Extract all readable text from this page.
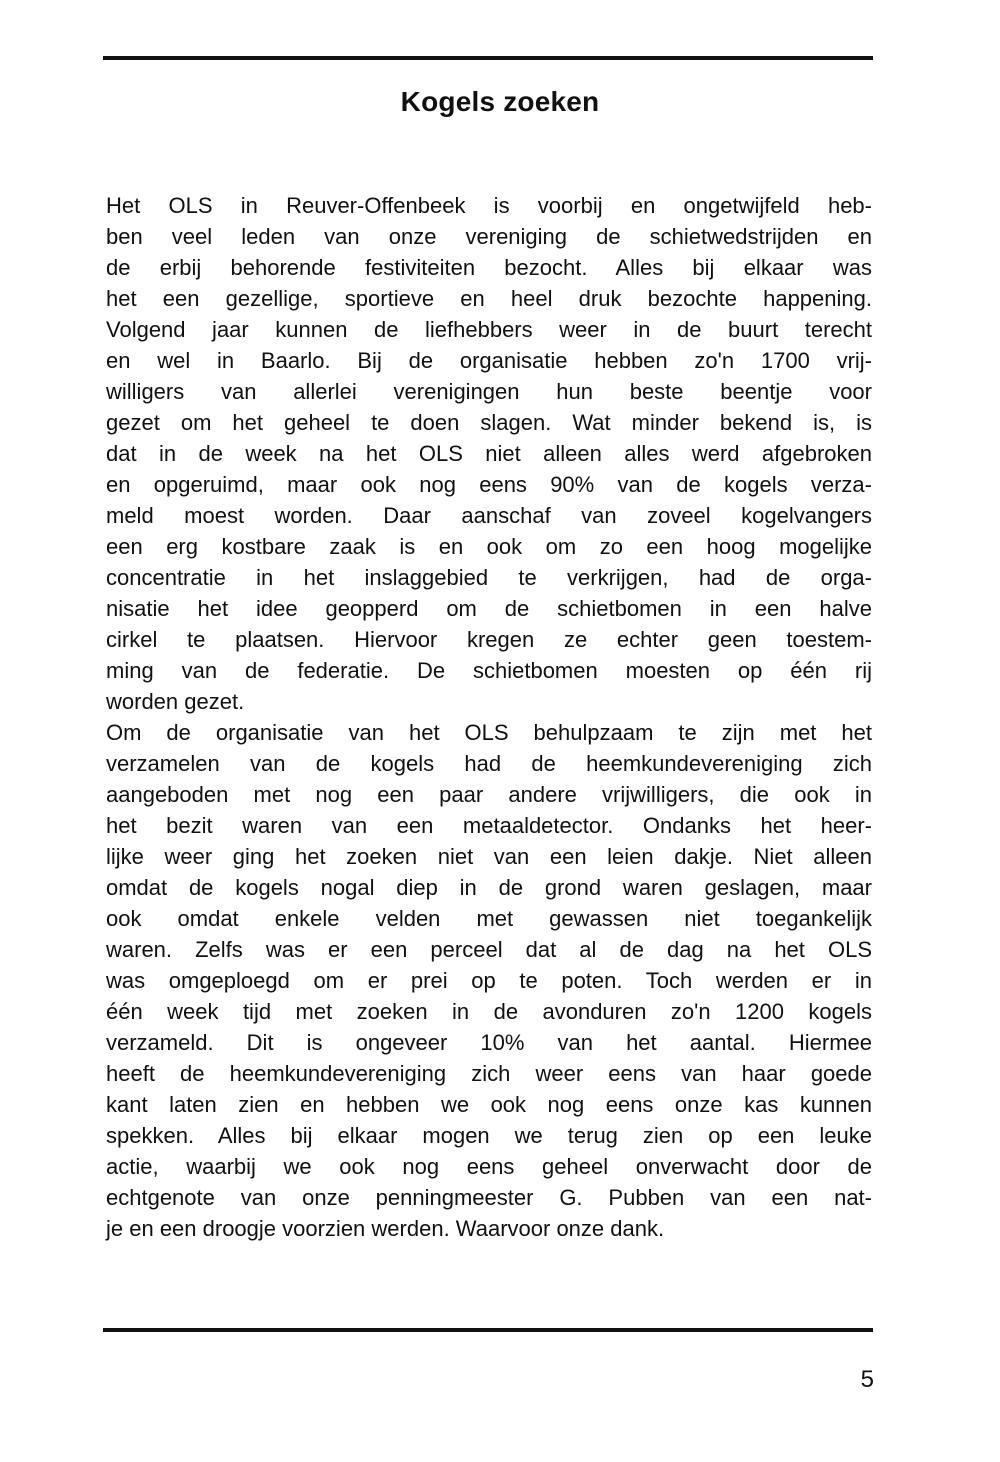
Kogels zoeken
Het OLS in Reuver-Offenbeek is voorbij en ongetwijfeld heb-
ben veel leden van onze vereniging de schietwedstrijden en
de erbij behorende festiviteiten bezocht. Alles bij elkaar was
het een gezellige, sportieve en heel druk bezochte happening.
Volgend jaar kunnen de liefhebbers weer in de buurt terecht
en wel in Baarlo. Bij de organisatie hebben zo'n 1700 vrij-
willigers van allerlei verenigingen hun beste beentje voor
gezet om het geheel te doen slagen. Wat minder bekend is, is
dat in de week na het OLS niet alleen alles werd afgebroken
en opgeruimd, maar ook nog eens 90% van de kogels verza-
meld moest worden. Daar aanschaf van zoveel kogelvangers
een erg kostbare zaak is en ook om zo een hoog mogelijke
concentratie in het inslaggebied te verkrijgen, had de orga-
nisatie het idee geopperd om de schietbomen in een halve
cirkel te plaatsen. Hiervoor kregen ze echter geen toestem-
ming van de federatie. De schietbomen moesten op één rij
worden gezet.
Om de organisatie van het OLS behulpzaam te zijn met het
verzamelen van de kogels had de heemkundevereniging zich
aangeboden met nog een paar andere vrijwilligers, die ook in
het bezit waren van een metaaldetector. Ondanks het heer-
lijke weer ging het zoeken niet van een leien dakje. Niet alleen
omdat de kogels nogal diep in de grond waren geslagen, maar
ook omdat enkele velden met gewassen niet toegankelijk
waren. Zelfs was er een perceel dat al de dag na het OLS
was omgeploegd om er prei op te poten. Toch werden er in
één week tijd met zoeken in de avonduren zo'n 1200 kogels
verzameld. Dit is ongeveer 10% van het aantal. Hiermee
heeft de heemkundevereniging zich weer eens van haar goede
kant laten zien en hebben we ook nog eens onze kas kunnen
spekken. Alles bij elkaar mogen we terug zien op een leuke
actie, waarbij we ook nog eens geheel onverwacht door de
echtgenote van onze penningmeester G. Pubben van een nat-
je en een droogje voorzien werden. Waarvoor onze dank.
5
